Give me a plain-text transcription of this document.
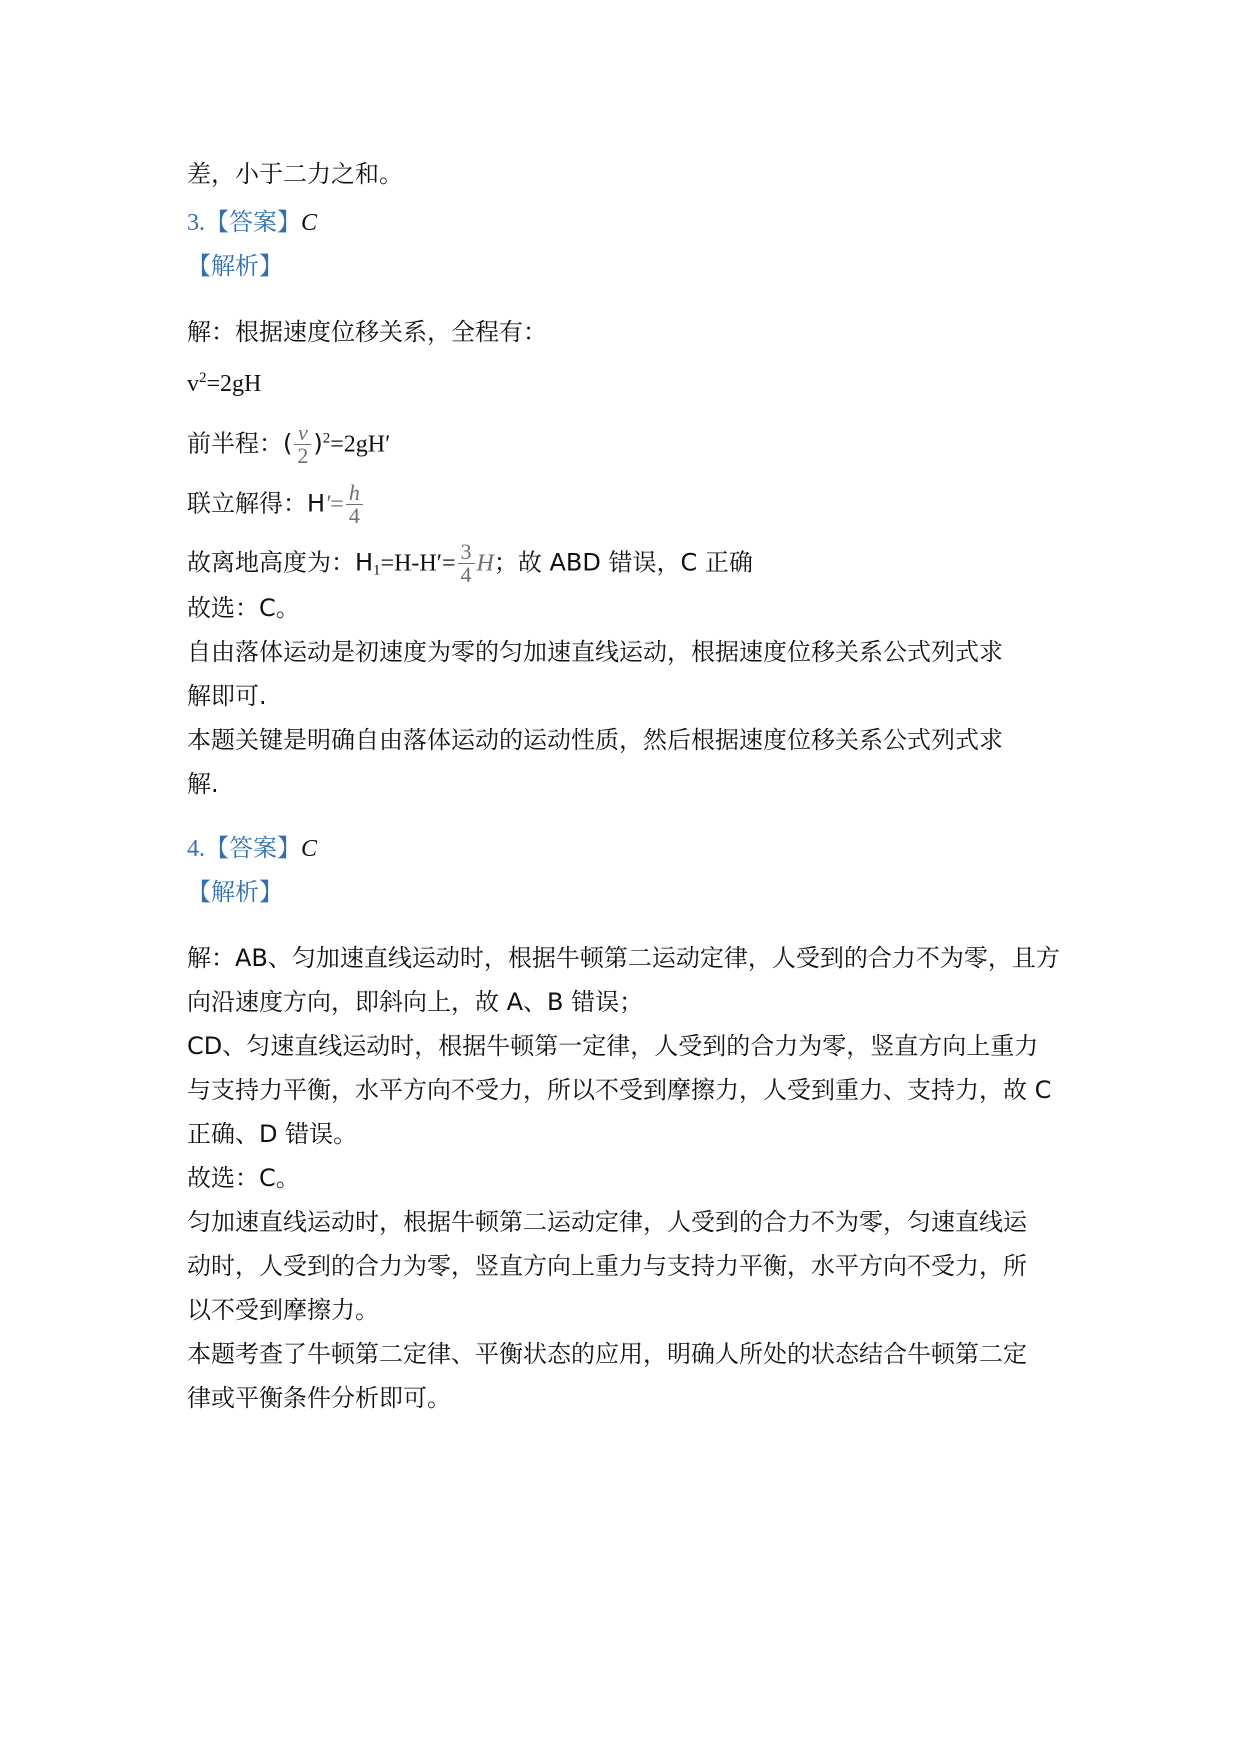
差，小于二力之和。
3.【答案】C
【解析】
解：根据速度位移关系，全程有：
$v^2=2gH$
前半程：( $\frac{v}{2} )^2=2gH'$
联立解得：$H'= \frac{h}{4}$
故离地高度为：$H_1=H-H'= \frac{3}{4}$ H；故 ABD 错误，C 正确
故选：C。
自由落体运动是初速度为零的匀加速直线运动，根据速度位移关系公式列式求
解即可.
本题关键是明确自由落体运动的运动性质，然后根据速度位移关系公式列式求
解.
4.【答案】C
【解析】
解：AB、匀加速直线运动时，根据牛顿第二运动定律，人受到的合力不为零，且方
向沿速度方向，即斜向上，故 A、B 错误；
CD、匀速直线运动时，根据牛顿第一定律，人受到的合力为零，竖直方向上重力
与支持力平衡，水平方向不受力，所以不受到摩擦力，人受到重力、支持力，故 C
正确、D 错误。
故选：C。
匀加速直线运动时，根据牛顿第二运动定律，人受到的合力不为零，匀速直线运
动时，人受到的合力为零，竖直方向上重力与支持力平衡，水平方向不受力，所
以不受到摩擦力。
本题考查了牛顿第二定律、平衡状态的应用，明确人所处的状态结合牛顿第二定
律或平衡条件分析即可。
